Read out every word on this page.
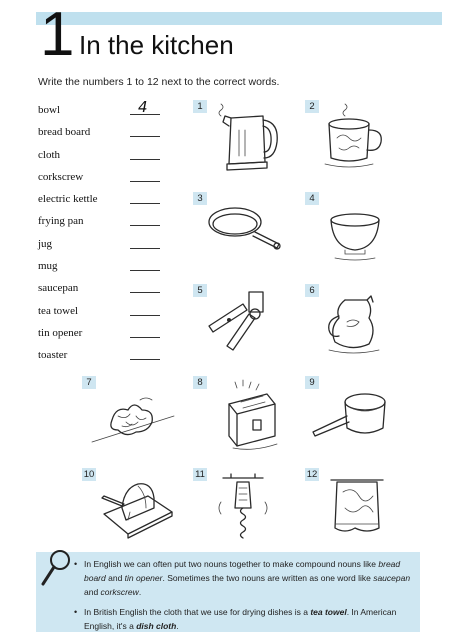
1 In the kitchen
Write the numbers 1 to 12 next to the correct words.
bowl	4
bread board
cloth
corkscrew
electric kettle
frying pan
jug
mug
saucepan
tea towel
tin opener
toaster
1	2
3	4
5	6
7	8	9
10	11	12
• In English we can often put two nouns together to make compound nouns like bread board and tin opener. Sometimes the two nouns are written as one word like saucepan and corkscrew.
• In British English the cloth that we use for drying dishes is a tea towel. In American English, it's a dish cloth.
